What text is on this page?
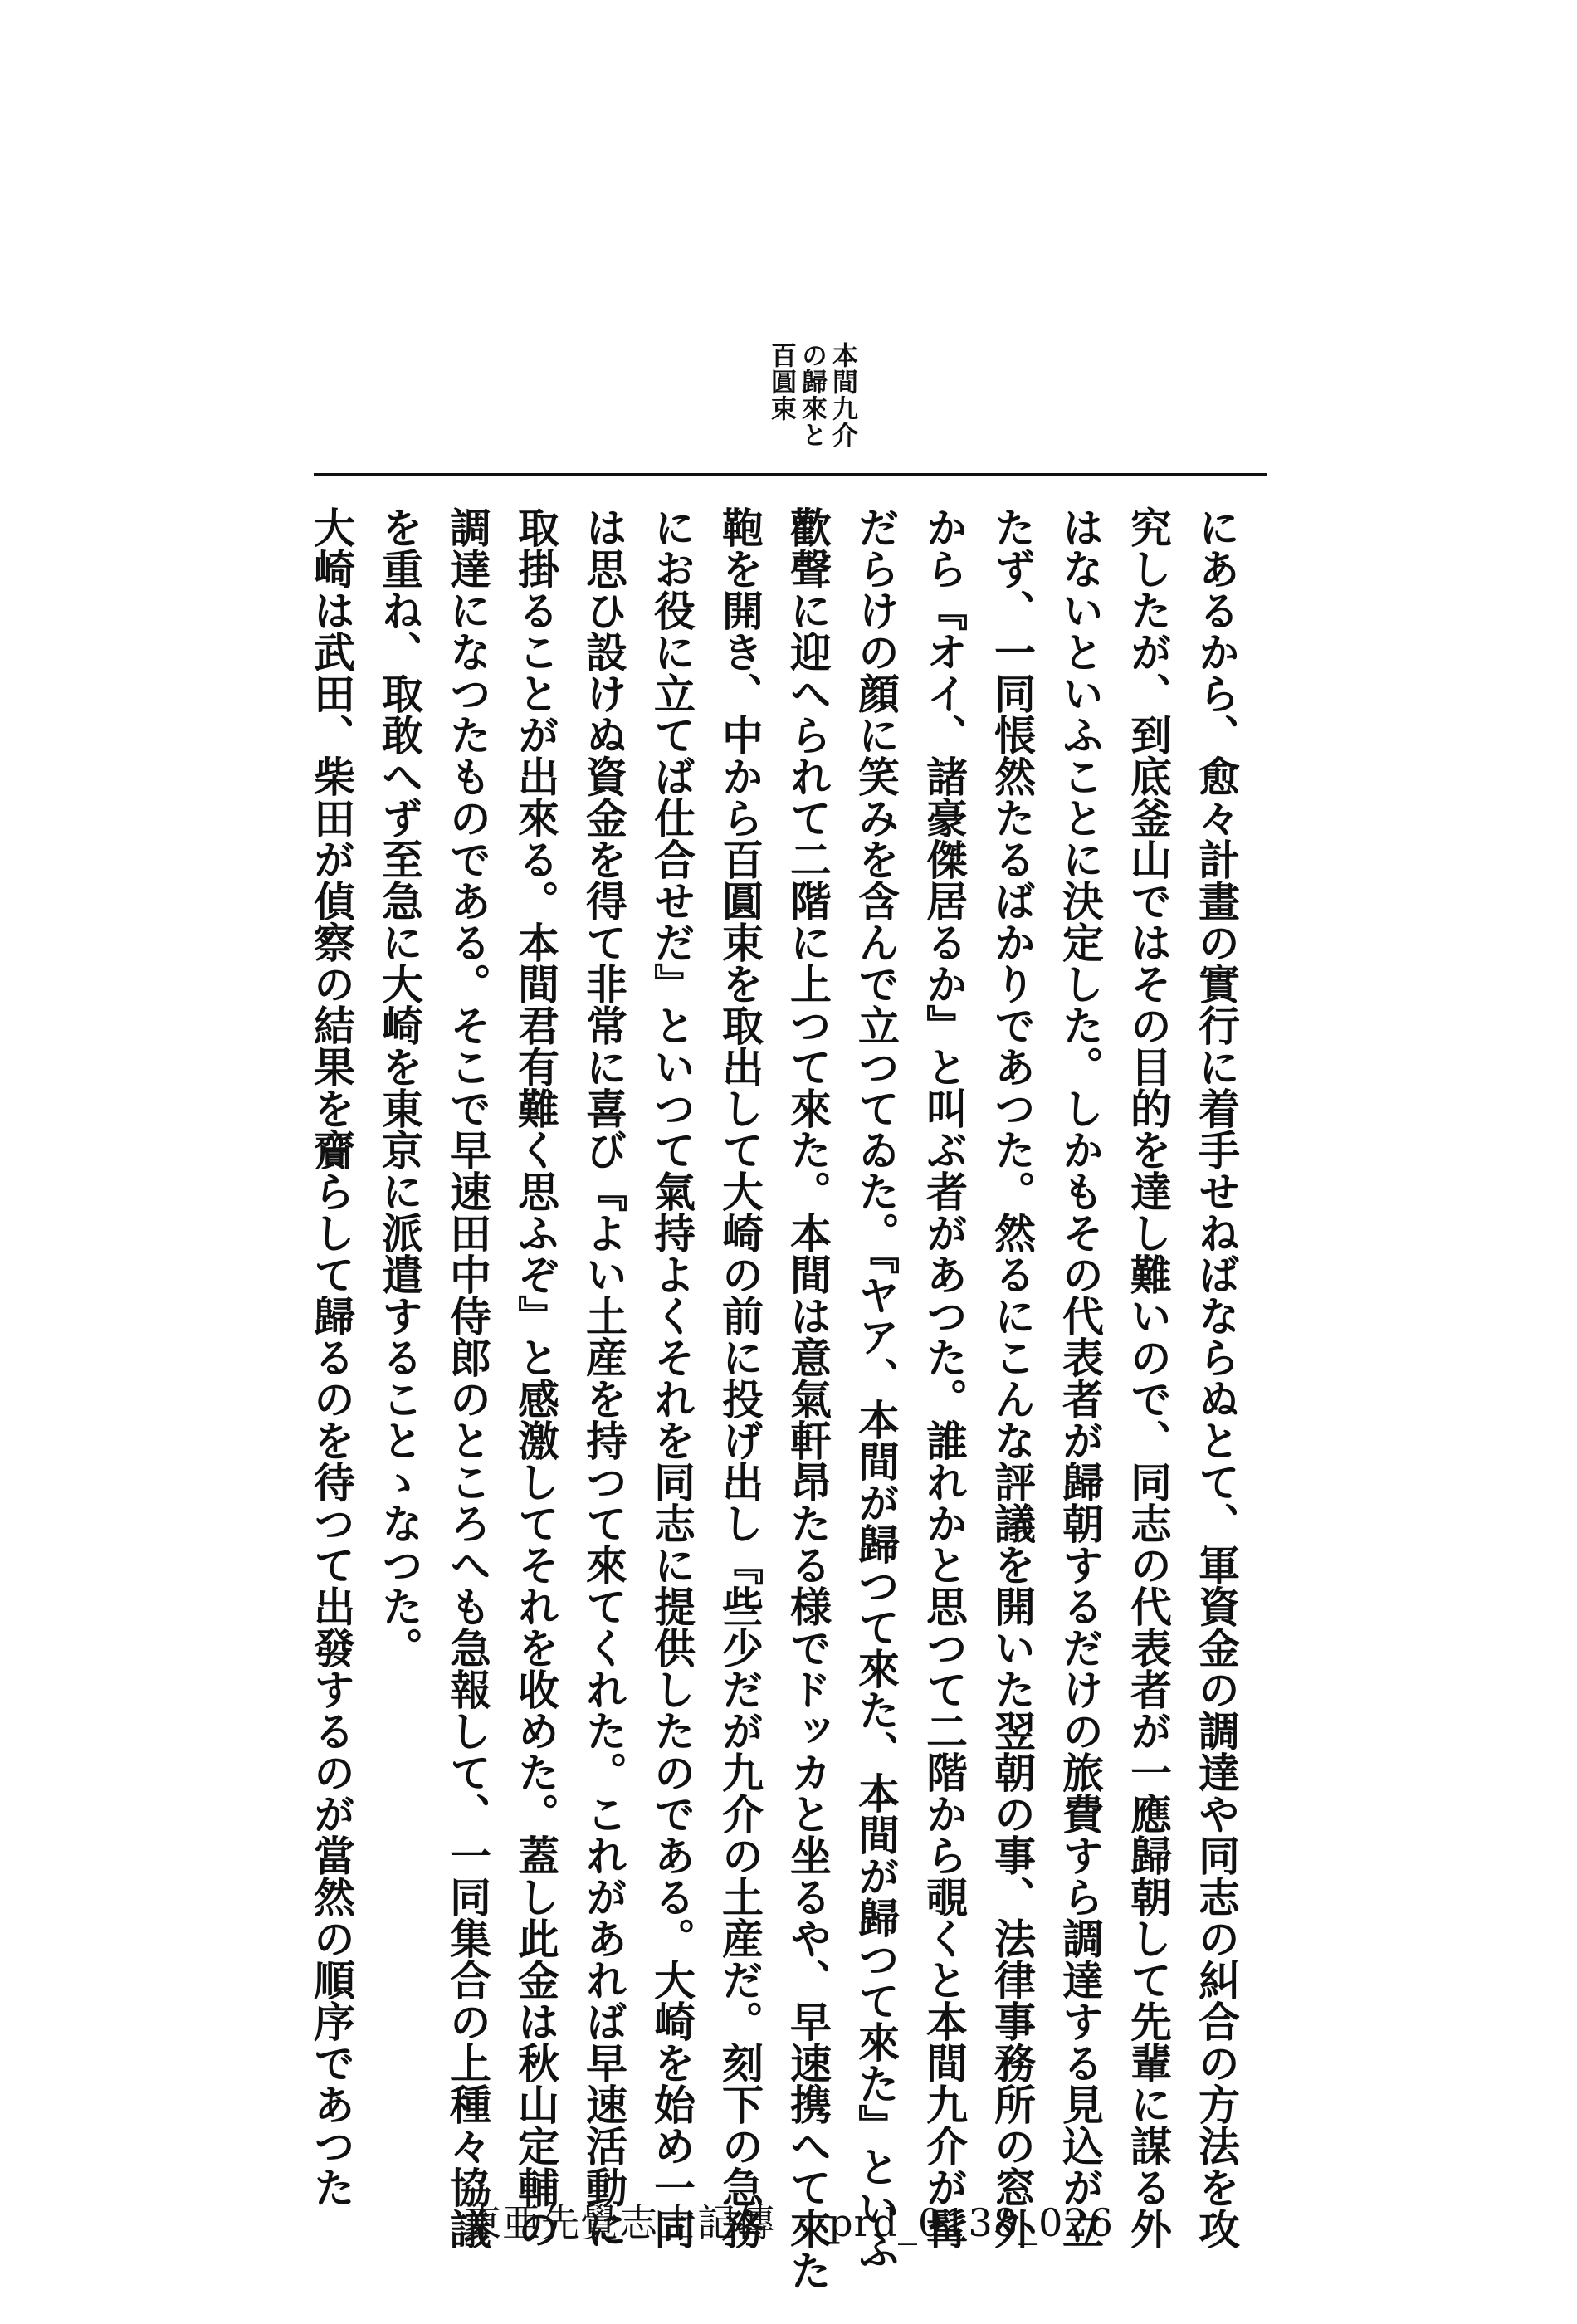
本間九介
の歸來と
百圓束

にあるから、愈々計畫の實行に着手せねばならぬとて、軍資金の調達や同志の糾合の方法を攻

究したが、到底釜山ではその目的を達し難いので、同志の代表者が一應歸朝して先輩に謀る外

はないといふことに決定した。しかもその代表者が歸朝するだけの旅費すら調達する見込が立

たず、一同悵然たるばかりであつた。然るにこんな評議を開いた翌朝の事、法律事務所の窓外

から『オイ、諸豪傑居るか』と叫ぶ者があつた。誰れかと思つて二階から覗くと本間九介が髯

だらけの顔に笑みを含んで立つてゐた。『ヤア、本間が歸つて來た、本間が歸つて來た』といふ

歡聲に迎へられて二階に上つて來た。本間は意氣軒昂たる様でドッカと坐るや、早速携へて來た

鞄を開き、中から百圓束を取出して大崎の前に投げ出し『些少だが九介の土産だ。刻下の急務

にお役に立てば仕合せだ』といつて氣持よくそれを同志に提供したのである。大崎を始め一同

は思ひ設けぬ資金を得て非常に喜び『よい土産を持つて來てくれた。これがあれば早速活動に

取掛ることが出來る。本間君有難く思ふぞ』と感激してそれを收めた。蓋し此金は秋山定輔の

調達になつたものである。そこで早速田中侍郎のところへも急報して、一同集合の上種々協議

を重ね、取敢へず至急に大崎を東京に派遣することゝなつた。

大崎は武田、柴田が偵察の結果を齎らして歸るのを待つて出發するのが當然の順序であつた

東亜先覺志士記傳 prd_0138_026
